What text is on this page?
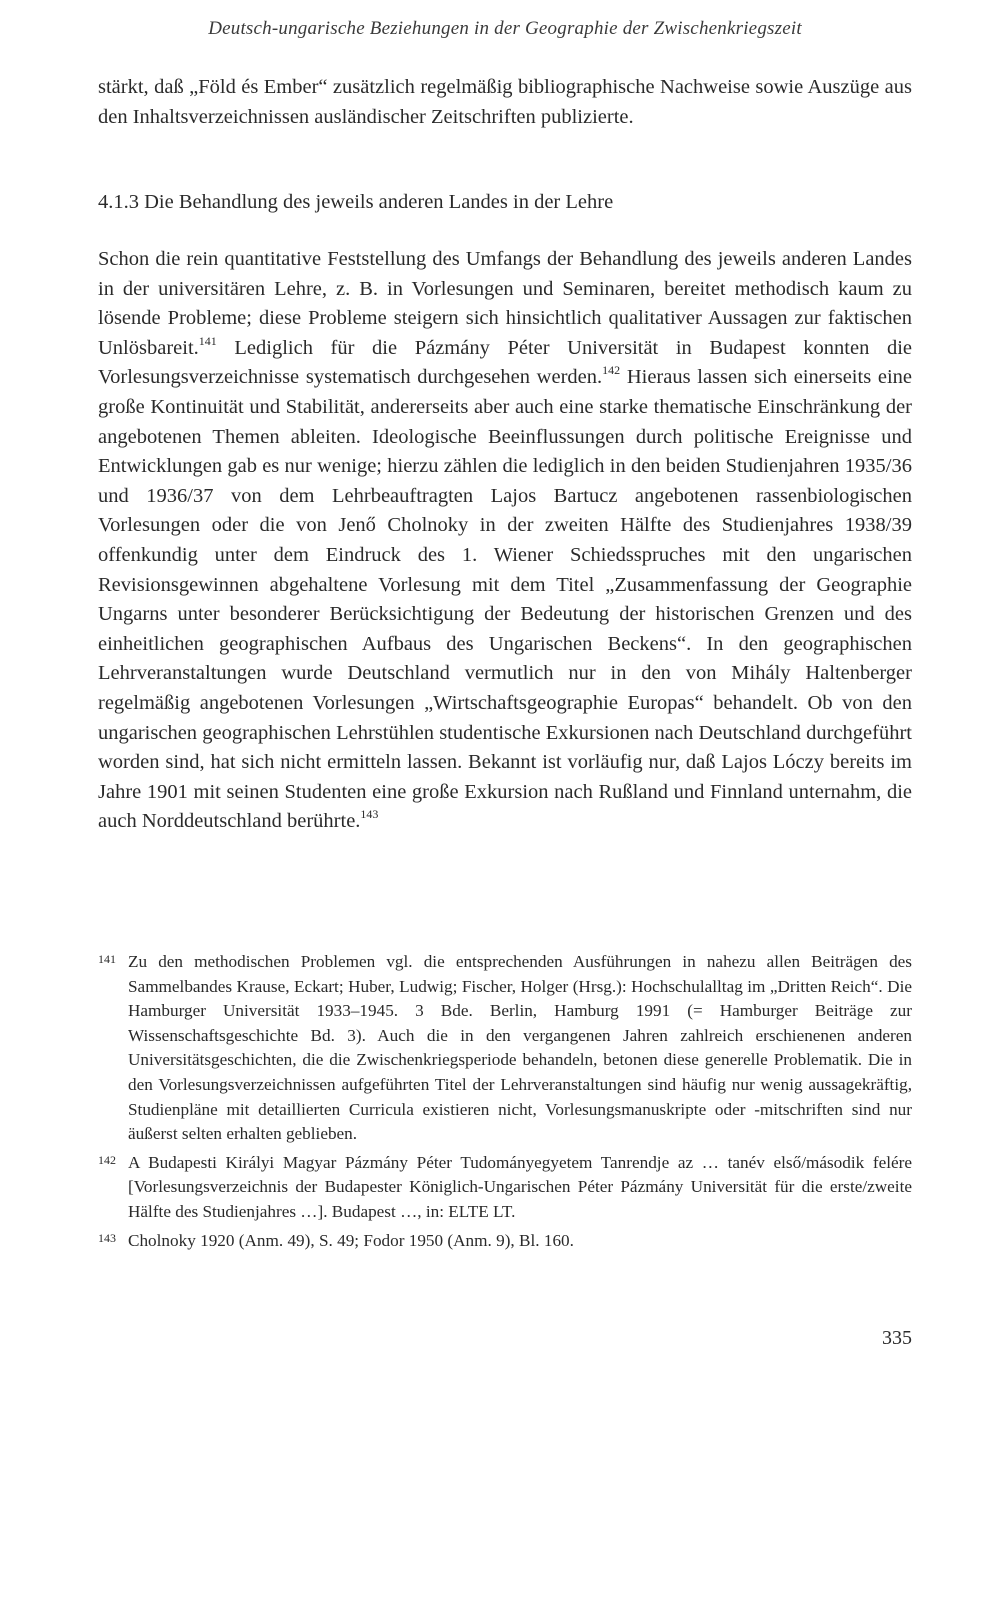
Deutsch-ungarische Beziehungen in der Geographie der Zwischenkriegszeit

stärkt, daß „Föld és Ember“ zusätzlich regelmäßig bibliographische Nachweise sowie Auszüge aus den Inhaltsverzeichnissen ausländischer Zeitschriften publizierte.

4.1.3 Die Behandlung des jeweils anderen Landes in der Lehre

Schon die rein quantitative Feststellung des Umfangs der Behandlung des jeweils anderen Landes in der universitären Lehre, z. B. in Vorlesungen und Seminaren, bereitet methodisch kaum zu lösende Probleme; diese Probleme steigern sich hinsichtlich qualitativer Aussagen zur faktischen Unlösbareit.$^{141}$ Lediglich für die Pázmány Péter Universität in Budapest konnten die Vorlesungsverzeichnisse systematisch durchgesehen werden.$^{142}$ Hieraus lassen sich einerseits eine große Kontinuität und Stabilität, andererseits aber auch eine starke thematische Einschränkung der angebotenen Themen ableiten. Ideologische Beeinflussungen durch politische Ereignisse und Entwicklungen gab es nur wenige; hierzu zählen die lediglich in den beiden Studienjahren 1935/36 und 1936/37 von dem Lehrbeauftragten Lajos Bartucz angebotenen rassenbiologischen Vorlesungen oder die von Jenő Cholnoky in der zweiten Hälfte des Studienjahres 1938/39 offenkundig unter dem Eindruck des 1. Wiener Schiedsspruches mit den ungarischen Revisionsgewinnen abgehaltene Vorlesung mit dem Titel „Zusammenfassung der Geographie Ungarns unter besonderer Berücksichtigung der Bedeutung der historischen Grenzen und des einheitlichen geographischen Aufbaus des Ungarischen Beckens“. In den geographischen Lehrveranstaltungen wurde Deutschland vermutlich nur in den von Mihály Haltenberger regelmäßig angebotenen Vorlesungen „Wirtschaftsgeographie Europas“ behandelt. Ob von den ungarischen geographischen Lehrstühlen studentische Exkursionen nach Deutschland durchgeführt worden sind, hat sich nicht ermitteln lassen. Bekannt ist vorläufig nur, daß Lajos Lóczy bereits im Jahre 1901 mit seinen Studenten eine große Exkursion nach Rußland und Finnland unternahm, die auch Norddeutschland berührte.$^{143}$

141 Zu den methodischen Problemen vgl. die entsprechenden Ausführungen in nahezu allen Beiträgen des Sammelbandes Krause, Eckart; Huber, Ludwig; Fischer, Holger (Hrsg.): Hochschulalltag im „Dritten Reich“. Die Hamburger Universität 1933–1945. 3 Bde. Berlin, Hamburg 1991 (= Hamburger Beiträge zur Wissenschaftsgeschichte Bd. 3). Auch die in den vergangenen Jahren zahlreich erschienenen anderen Universitätsgeschichten, die die Zwischenkriegsperiode behandeln, betonen diese generelle Problematik. Die in den Vorlesungsverzeichnissen aufgeführten Titel der Lehrveranstaltungen sind häufig nur wenig aussagekräftig, Studienpläne mit detaillierten Curricula existieren nicht, Vorlesungsmanuskripte oder -mitschriften sind nur äußerst selten erhalten geblieben.
142 A Budapesti Királyi Magyar Pázmány Péter Tudományegyetem Tanrendje az … tanév első/második felére [Vorlesungsverzeichnis der Budapester Königlich-Ungarischen Péter Pázmány Universität für die erste/zweite Hälfte des Studienjahres …]. Budapest …, in: ELTE LT.
143 Cholnoky 1920 (Anm. 49), S. 49; Fodor 1950 (Anm. 9), Bl. 160.
335
